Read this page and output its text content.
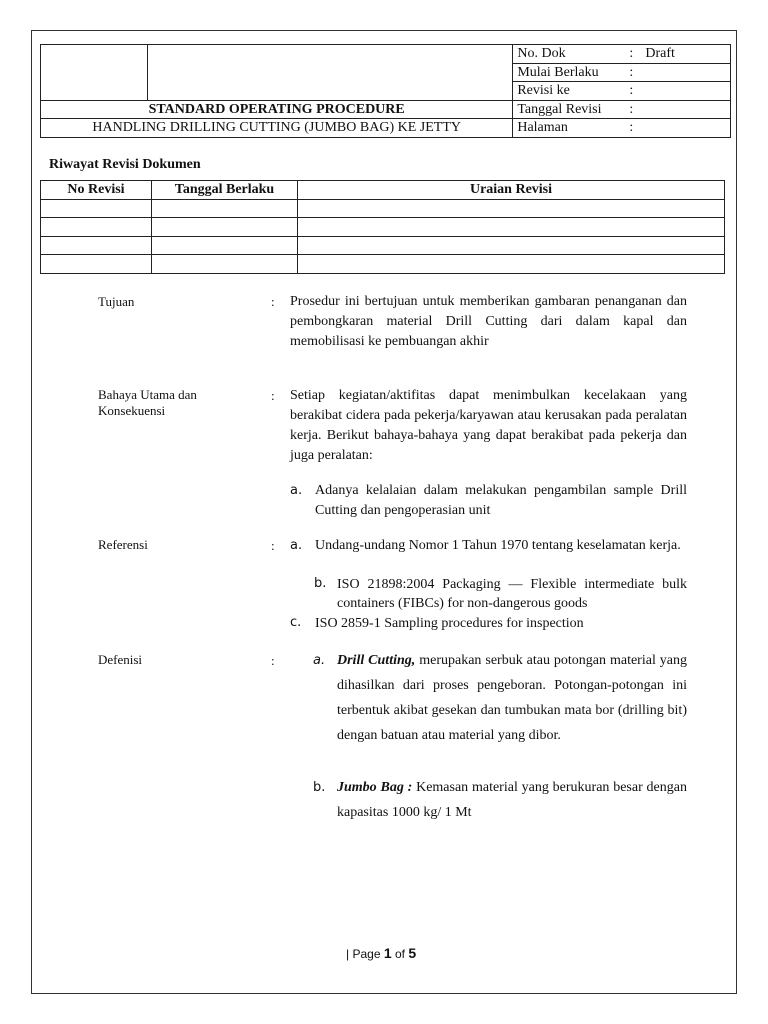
		No. Dok : Draft
		Mulai Berlaku :
		Revisi ke :
STANDARD OPERATING PROCEDURE		Tanggal Revisi :
HANDLING DRILLING CUTTING (JUMBO BAG) KE JETTY		Halaman :
Riwayat Revisi Dokumen
No Revisi	Tanggal Berlaku	Uraian Revisi

Tujuan	: Prosedur ini bertujuan untuk memberikan gambaran penanganan dan pembongkaran material Drill Cutting dari dalam kapal dan memobilisasi ke pembuangan akhir
Bahaya Utama dan
Konsekuensi
: Setiap kegiatan/aktifitas dapat menimbulkan kecelakaan yang berakibat cidera pada pekerja/karyawan atau kerusakan pada peralatan kerja. Berikut bahaya-bahaya yang dapat berakibat pada pekerja dan juga peralatan:
a. Adanya kelalaian dalam melakukan pengambilan sample Drill Cutting dan pengoperasian unit
Referensi	: a. Undang-undang Nomor 1 Tahun 1970 tentang keselamatan kerja.
b. ISO 21898:2004 Packaging — Flexible intermediate bulk containers (FIBCs) for non-dangerous goods
c. ISO 2859-1 Sampling procedures for inspection
Defenisi	:	a. Drill Cutting, merupakan serbuk atau potongan material yang dihasilkan dari proses pengeboran. Potongan-potongan ini terbentuk akibat gesekan dan tumbukan mata bor (drilling bit) dengan batuan atau material yang dibor.
b. Jumbo Bag : Kemasan material yang berukuran besar dengan kapasitas 1000 kg/ 1 Mt
| Page 1 of 5
